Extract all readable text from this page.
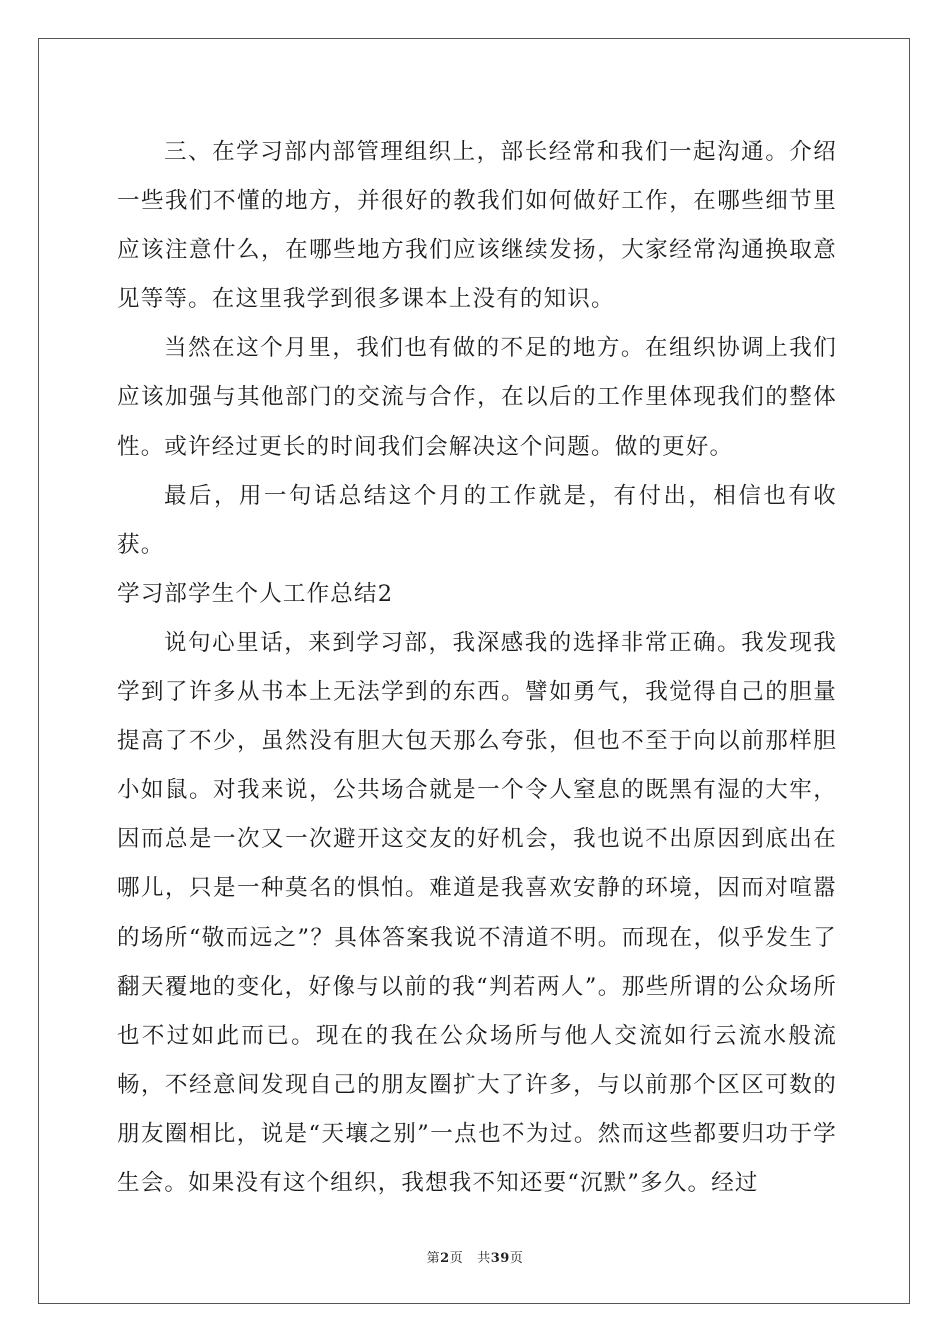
三、在学习部内部管理组织上，部长经常和我们一起沟通。介绍一些我们不懂的地方，并很好的教我们如何做好工作，在哪些细节里应该注意什么，在哪些地方我们应该继续发扬，大家经常沟通换取意见等等。在这里我学到很多课本上没有的知识。

当然在这个月里，我们也有做的不足的地方。在组织协调上我们应该加强与其他部门的交流与合作，在以后的工作里体现我们的整体性。或许经过更长的时间我们会解决这个问题。做的更好。

最后，用一句话总结这个月的工作就是，有付出，相信也有收获。

学习部学生个人工作总结2

说句心里话，来到学习部，我深感我的选择非常正确。我发现我学到了许多从书本上无法学到的东西。譬如勇气，我觉得自己的胆量提高了不少，虽然没有胆大包天那么夸张，但也不至于向以前那样胆小如鼠。对我来说，公共场合就是一个令人窒息的既黑有湿的大牢，因而总是一次又一次避开这交友的好机会，我也说不出原因到底出在哪儿，只是一种莫名的惧怕。难道是我喜欢安静的环境，因而对喧嚣的场所“敬而远之”？具体答案我说不清道不明。而现在，似乎发生了翻天覆地的变化，好像与以前的我“判若两人”。那些所谓的公众场所也不过如此而已。现在的我在公众场所与他人交流如行云流水般流畅，不经意间发现自己的朋友圈扩大了许多，与以前那个区区可数的朋友圈相比，说是“天壤之别”一点也不为过。然而这些都要归功于学生会。如果没有这个组织，我想我不知还要“沉默”多久。经过

第2页 共39页
